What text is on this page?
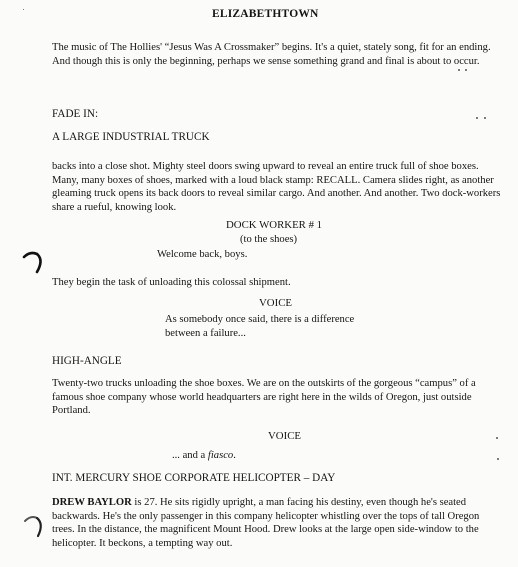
ELIZABETHTOWN

The music of The Hollies' “Jesus Was A Crossmaker” begins. It's a quiet, stately song, fit for an ending. And though this is only the beginning, perhaps we sense something grand and final is about to occur.

FADE IN:
A LARGE INDUSTRIAL TRUCK

backs into a close shot. Mighty steel doors swing upward to reveal an entire truck full of shoe boxes. Many, many boxes of shoes, marked with a loud black stamp: RECALL. Camera slides right, as another gleaming truck opens its back doors to reveal similar cargo. And another. And another. Two dock-workers share a rueful, knowing look.

DOCK WORKER # 1
(to the shoes)
Welcome back, boys.

They begin the task of unloading this colossal shipment.

VOICE
As somebody once said, there is a difference
between a failure...
HIGH-ANGLE

Twenty-two trucks unloading the shoe boxes. We are on the outskirts of the gorgeous “campus” of a famous shoe company whose world headquarters are right here in the wilds of Oregon, just outside Portland.

VOICE
... and a fiasco.
INT. MERCURY SHOE CORPORATE HELICOPTER – DAY

DREW BAYLOR is 27. He sits rigidly upright, a man facing his destiny, even though he's seated backwards. He's the only passenger in this company helicopter whistling over the tops of tall Oregon trees. In the distance, the magnificent Mount Hood. Drew looks at the large open side-window to the helicopter. It beckons, a tempting way out.
